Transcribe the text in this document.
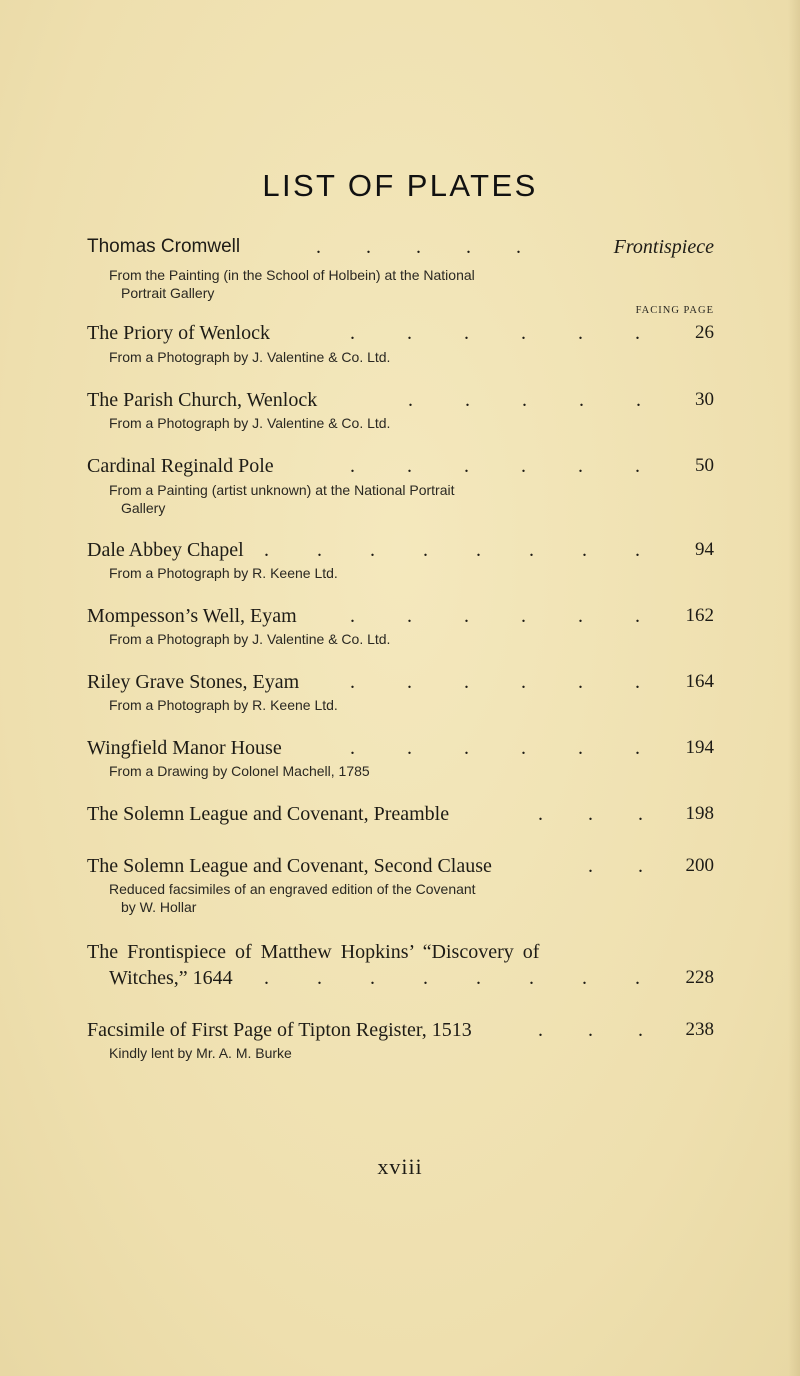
LIST OF PLATES
Thomas Cromwell	. . . . .	Frontispiece
From the Painting (in the School of Holbein) at the National
Portrait Gallery
FACING PAGE
The Priory of Wenlock	.	.	.	.	.	.	26
From a Photograph by J. Valentine & Co. Ltd.
The Parish Church, Wenlock	.	.	.	.	.	30
From a Photograph by J. Valentine & Co. Ltd.
Cardinal Reginald Pole	.	.	.	.	.	.	50
From a Painting (artist unknown) at the National Portrait
Gallery
Dale Abbey Chapel . . . . . . . .	94
From a Photograph by R. Keene Ltd.
Mompesson’s Well, Eyam	.	.	.	.	.	. 162
From a Photograph by J. Valentine & Co. Ltd.
Riley Grave Stones, Eyam	.	.	.	.	.	. 164
From a Photograph by R. Keene Ltd.
Wingfield Manor House	.	.	.	.	.	. 194
From a Drawing by Colonel Machell, 1785
The Solemn League and Covenant, Preamble	. . . 198
The Solemn League and Covenant, Second Clause	. . 200
Reduced facsimiles of an engraved edition of the Covenant
by W. Hollar
The Frontispiece of Matthew Hopkins’ “Discovery of
Witches,” 1644 . . . . . . . . 228
Facsimile of First Page of Tipton Register, 1513	. . . 238
Kindly lent by Mr. A. M. Burke
xviii
